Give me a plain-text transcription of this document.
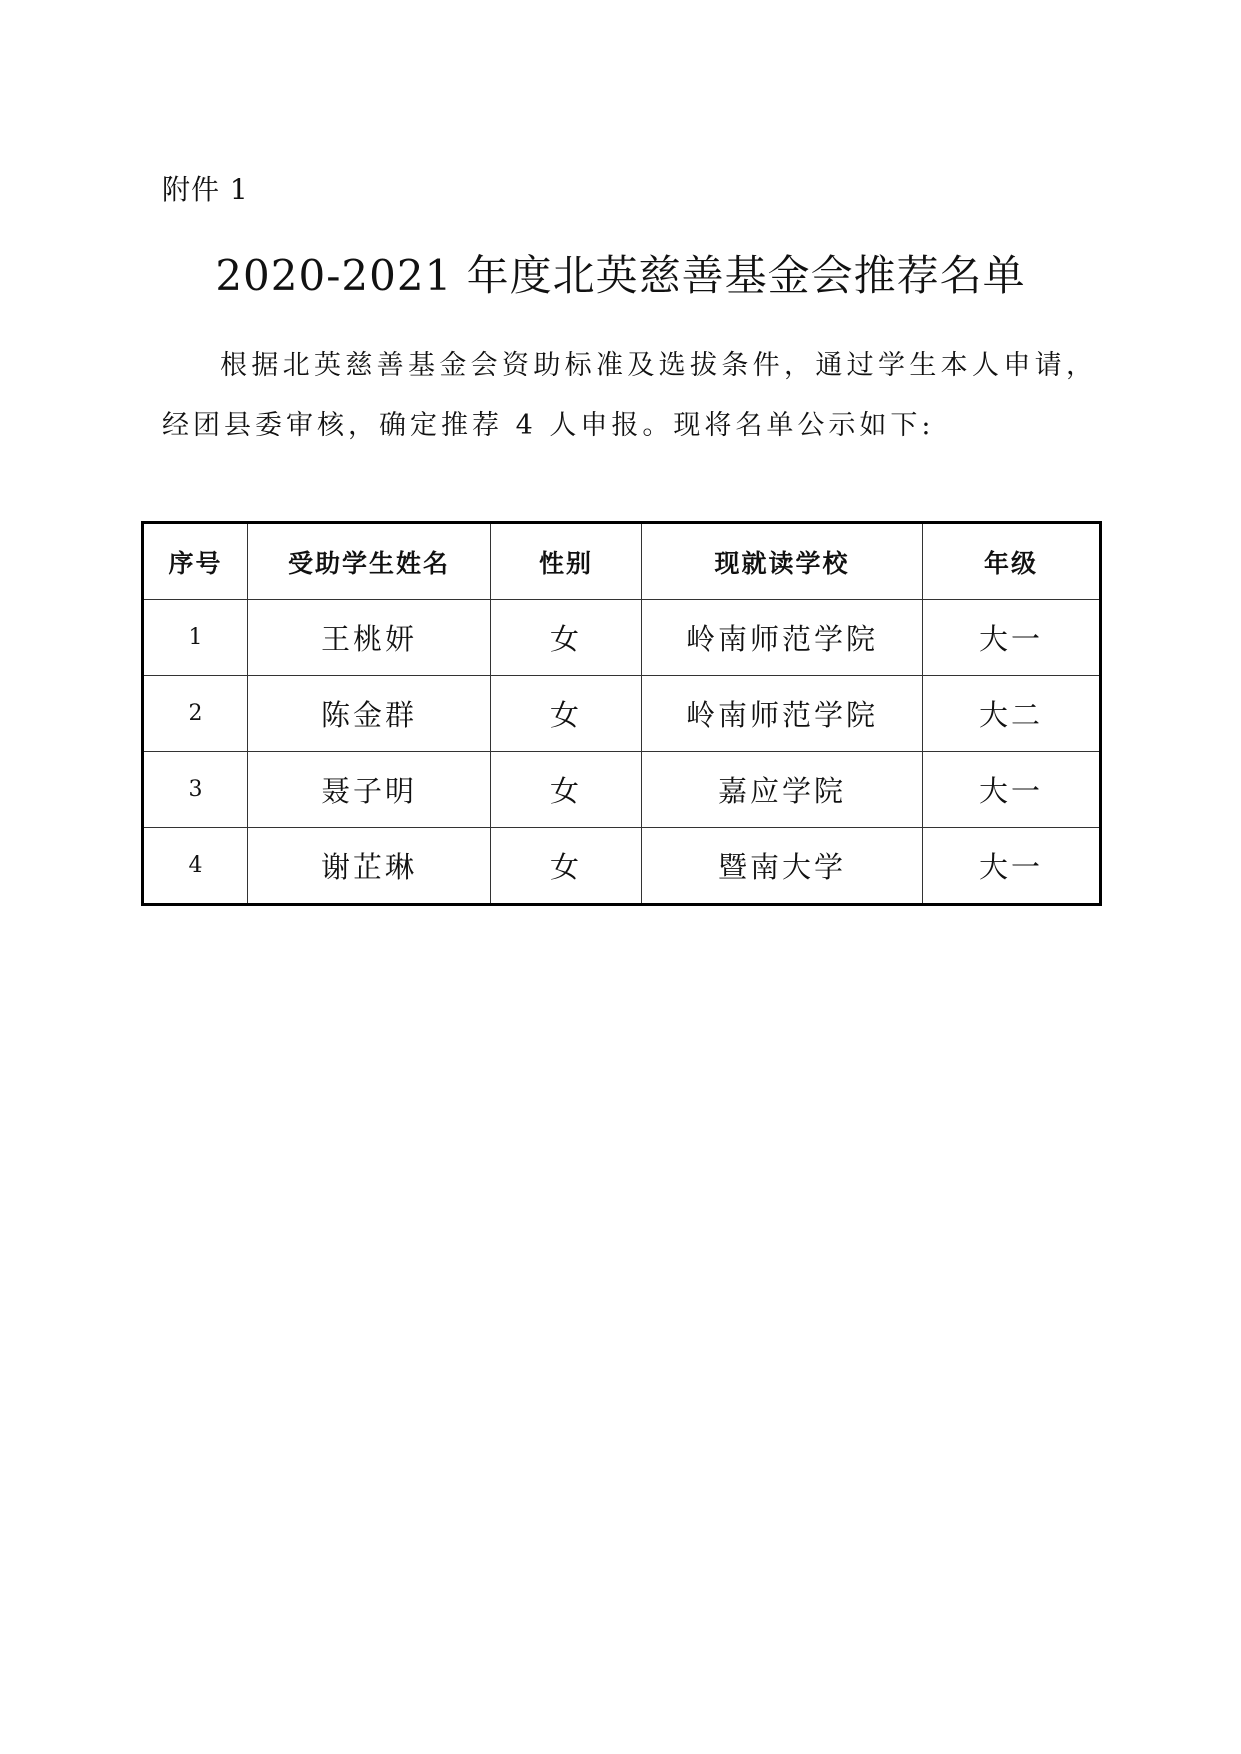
附件 1
2020-2021 年度北英慈善基金会推荐名单

根据北英慈善基金会资助标准及选拔条件，通过学生本人申请，经团县委审核，确定推荐 4 人申报。现将名单公示如下:

序号	受助学生姓名	性别	现就读学校	年级
1	王桃妍	女	岭南师范学院	大一
2	陈金群	女	岭南师范学院	大二
3	聂子明	女	嘉应学院	大一
4	谢芷琳	女	暨南大学	大一
